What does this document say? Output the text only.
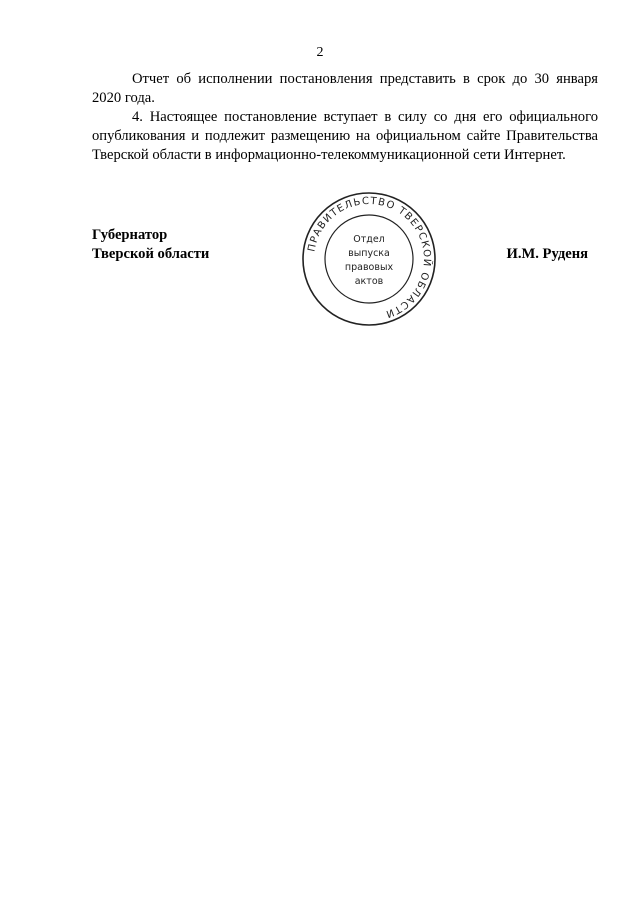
2

Отчет об исполнении постановления представить в срок до 30 января 2020 года.

4. Настоящее постановление вступает в силу со дня его официального опубликования и подлежит размещению на официальном сайте Правительства Тверской области в информационно-телекоммуникационной сети Интернет.

Губернатор
Тверской области	И.М. Руденя
ПРАВИТЕЛЬСТВО ТВЕРСКОЙ ОБЛАСТИ
Отдел
выпуска
правовых
актов
